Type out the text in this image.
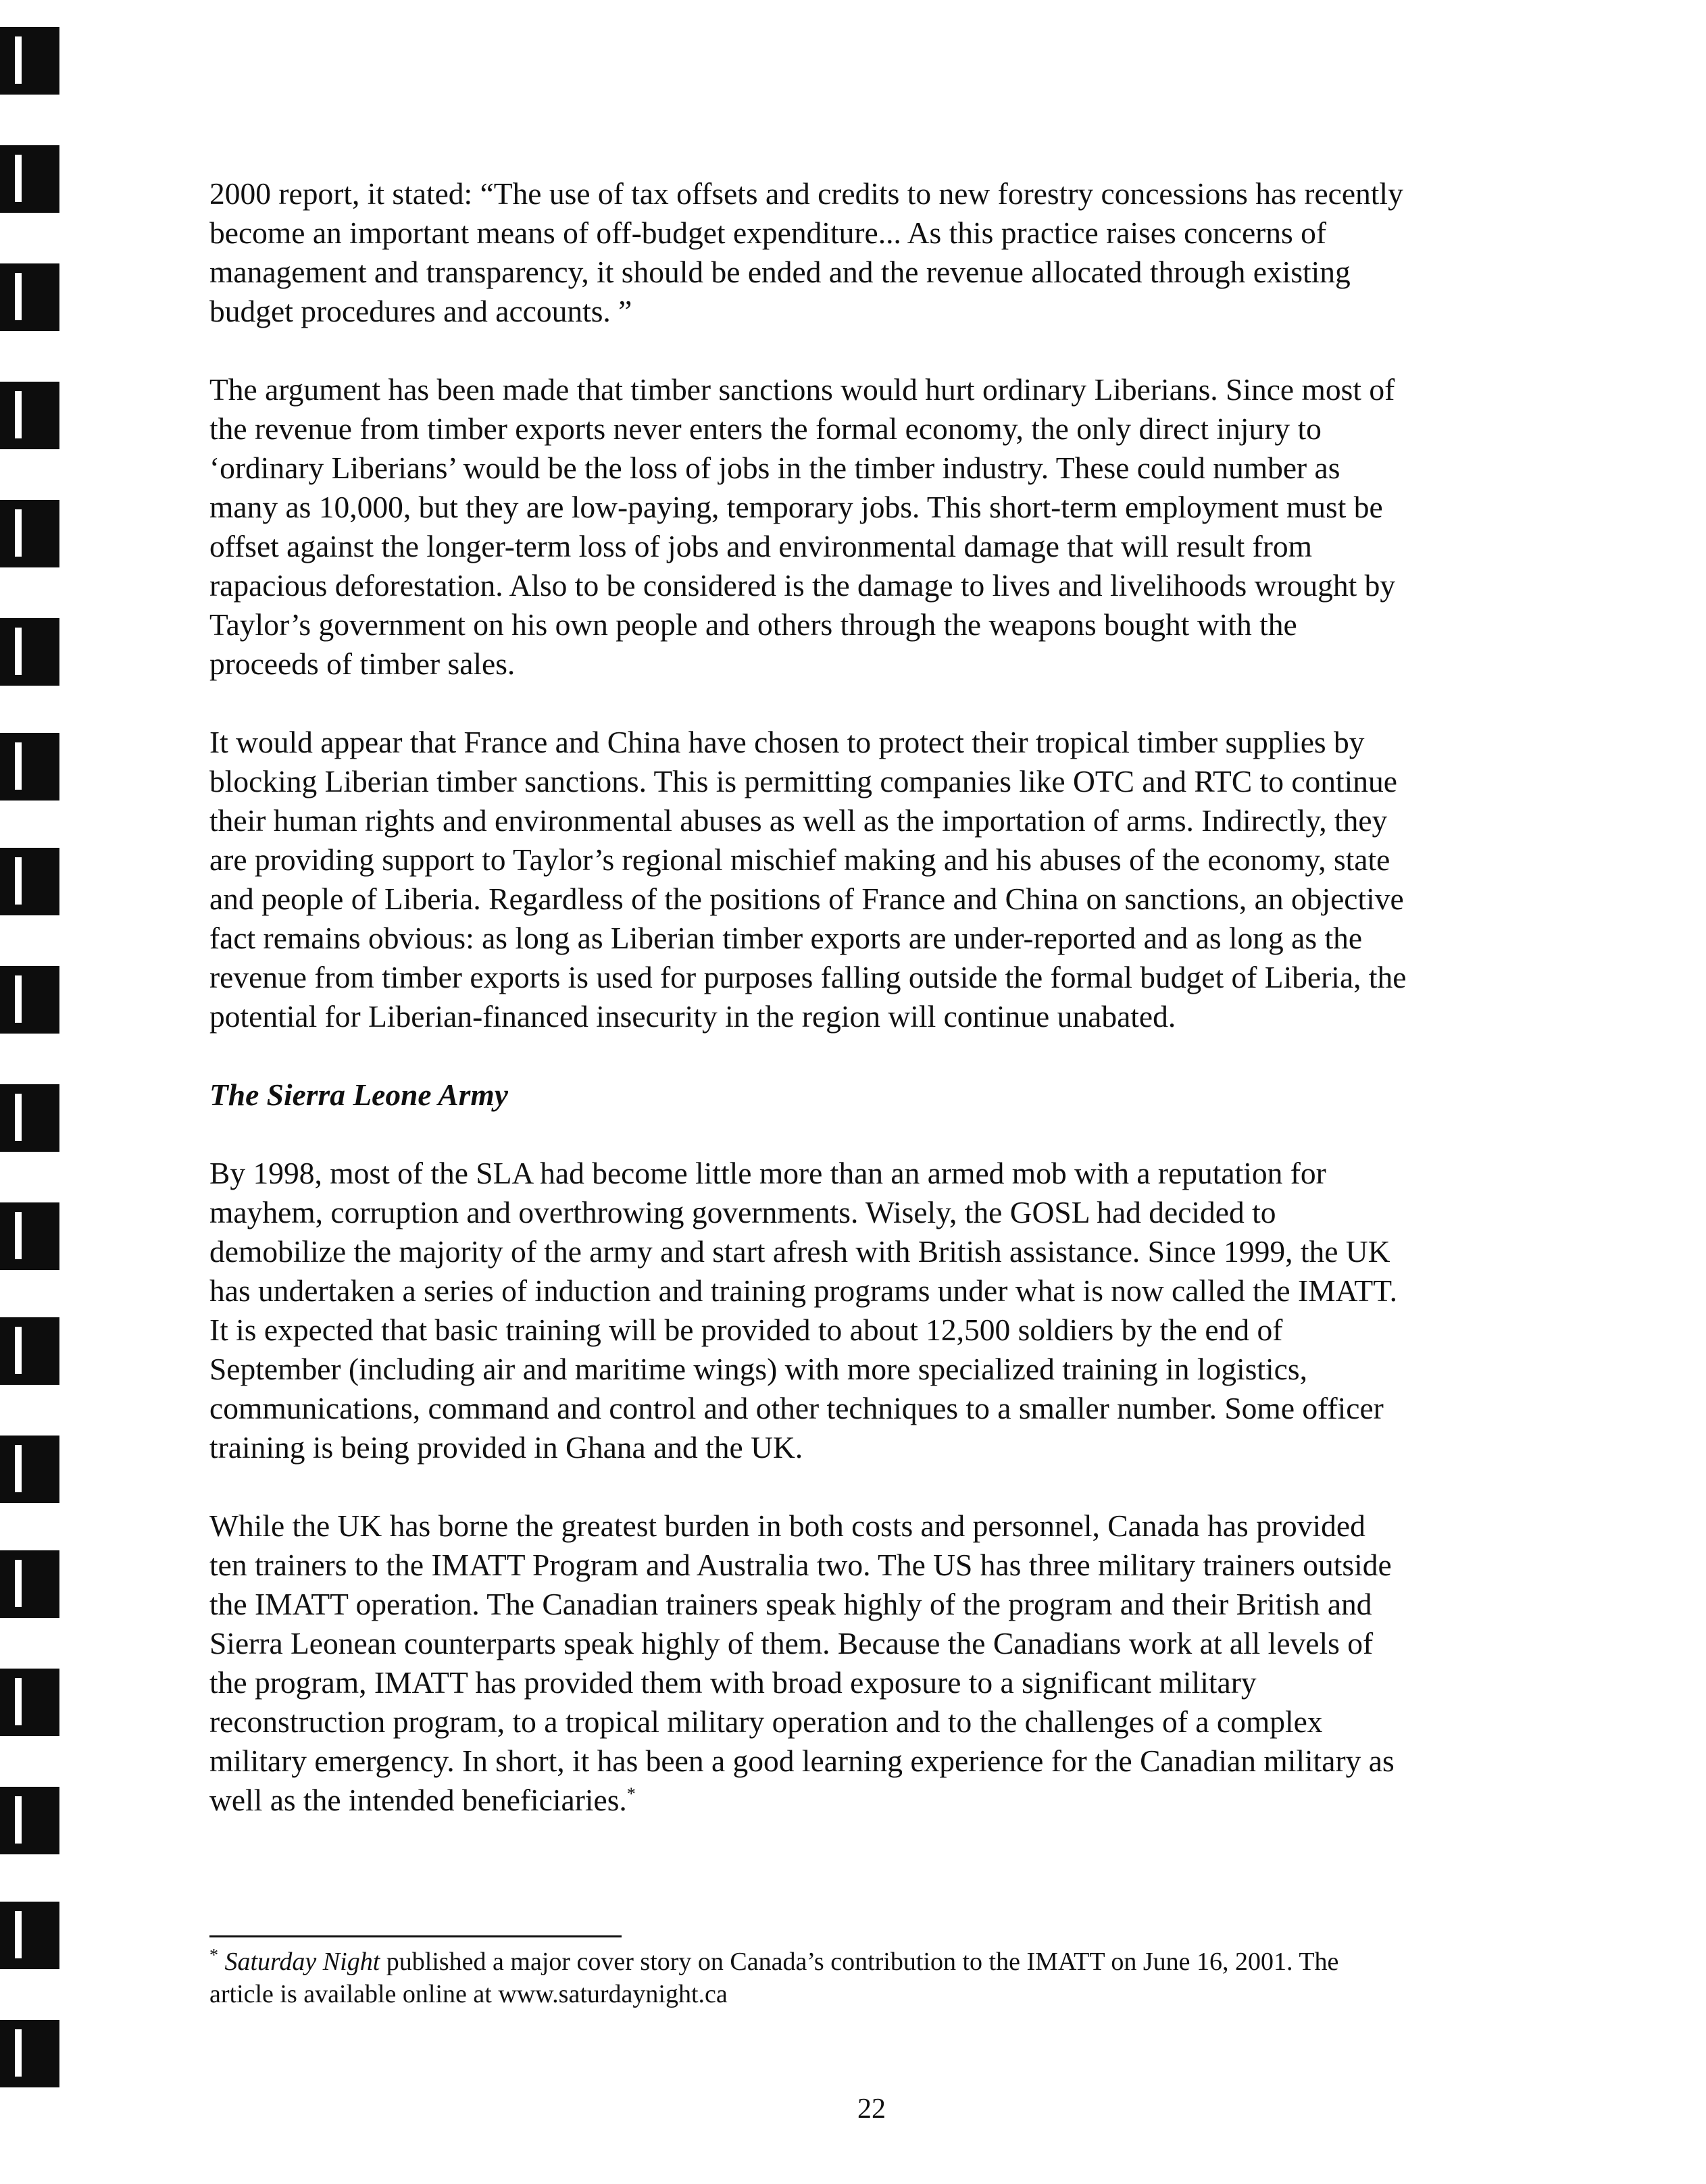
2000 report, it stated: “The use of tax offsets and credits to new forestry concessions has recently
become an important means of off-budget expenditure... As this practice raises concerns of
management and transparency, it should be ended and the revenue allocated through existing
budget procedures and accounts. ”
The argument has been made that timber sanctions would hurt ordinary Liberians. Since most of
the revenue from timber exports never enters the formal economy, the only direct injury to
‘ordinary Liberians’ would be the loss of jobs in the timber industry. These could number as
many as 10,000, but they are low-paying, temporary jobs. This short-term employment must be
offset against the longer-term loss of jobs and environmental damage that will result from
rapacious deforestation. Also to be considered is the damage to lives and livelihoods wrought by
Taylor’s government on his own people and others through the weapons bought with the
proceeds of timber sales.
It would appear that France and China have chosen to protect their tropical timber supplies by
blocking Liberian timber sanctions. This is permitting companies like OTC and RTC to continue
their human rights and environmental abuses as well as the importation of arms. Indirectly, they
are providing support to Taylor’s regional mischief making and his abuses of the economy, state
and people of Liberia. Regardless of the positions of France and China on sanctions, an objective
fact remains obvious: as long as Liberian timber exports are under-reported and as long as the
revenue from timber exports is used for purposes falling outside the formal budget of Liberia, the
potential for Liberian-financed insecurity in the region will continue unabated.
The Sierra Leone Army
By 1998, most of the SLA had become little more than an armed mob with a reputation for
mayhem, corruption and overthrowing governments. Wisely, the GOSL had decided to
demobilize the majority of the army and start afresh with British assistance. Since 1999, the UK
has undertaken a series of induction and training programs under what is now called the IMATT.
It is expected that basic training will be provided to about 12,500 soldiers by the end of
September (including air and maritime wings) with more specialized training in logistics,
communications, command and control and other techniques to a smaller number. Some officer
training is being provided in Ghana and the UK.
While the UK has borne the greatest burden in both costs and personnel, Canada has provided
ten trainers to the IMATT Program and Australia two. The US has three military trainers outside
the IMATT operation. The Canadian trainers speak highly of the program and their British and
Sierra Leonean counterparts speak highly of them. Because the Canadians work at all levels of
the program, IMATT has provided them with broad exposure to a significant military
reconstruction program, to a tropical military operation and to the challenges of a complex
military emergency. In short, it has been a good learning experience for the Canadian military as
well as the intended beneficiaries.*
* Saturday Night published a major cover story on Canada’s contribution to the IMATT on June 16, 2001. The
article is available online at www.saturdaynight.ca
22
